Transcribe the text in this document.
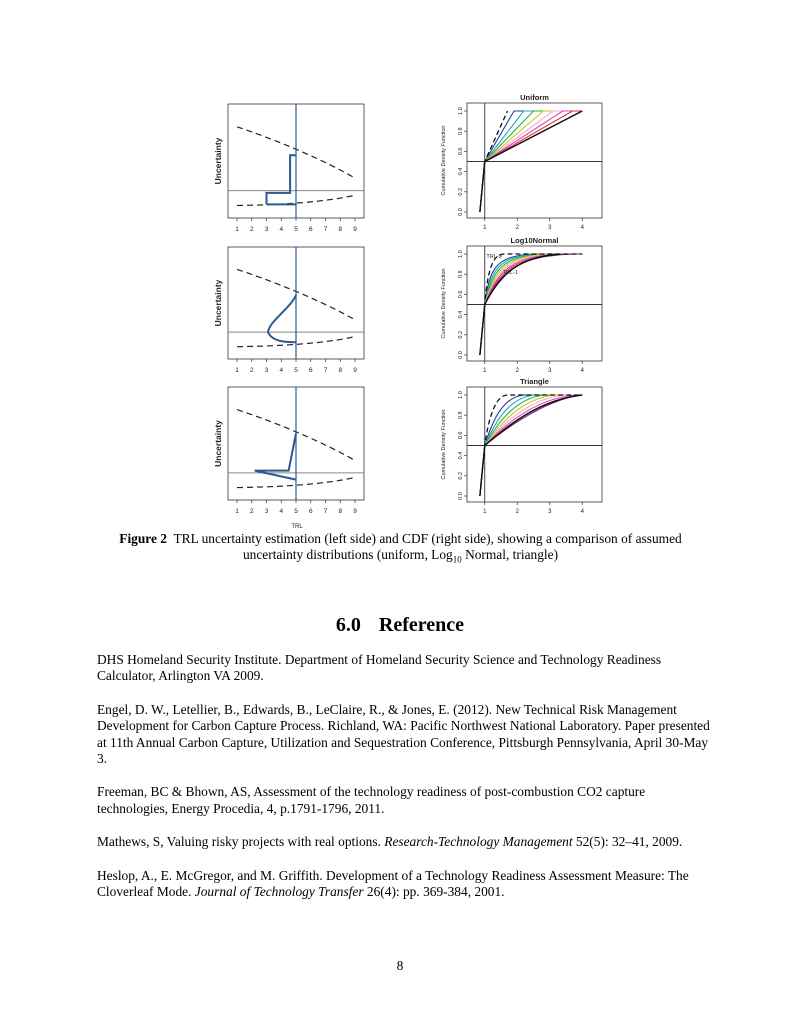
Uncertainty
1 2 3 4 5 6 7 8 9
Uncertainty
1 2 3 4 5 6 7 8 9
Uncertainty
1 2 3 4 5 6 7 8 9
TRL
Uniform
0.0
0.2
0.4
0.6
0.8
1.0
Cumulative Density Function
1	2	3	4
Log10Normal
0.0
0.2
0.4
0.6
0.8
1.0
Cumulative Density Function
1	2	3	4
TRL-9
TRL-1
Triangle
0.0
0.2
0.4
0.6
0.8
1.0
Cumulative Density Function
1	2	3	4
Figure 2 TRL uncertainty estimation (left side) and CDF (right side), showing a comparison of assumed uncertainty distributions (uniform, Log$_{10}$ Normal, triangle)
6.0 Reference

DHS Homeland Security Institute. Department of Homeland Security Science and Technology Readiness Calculator, Arlington VA 2009.

Engel, D. W., Letellier, B., Edwards, B., LeClaire, R., & Jones, E. (2012). New Technical Risk Management Development for Carbon Capture Process. Richland, WA: Pacific Northwest National Laboratory. Paper presented at 11th Annual Carbon Capture, Utilization and Sequestration Conference, Pittsburgh Pennsylvania, April 30-May 3.

Freeman, BC & Bhown, AS, Assessment of the technology readiness of post-combustion CO2 capture technologies, Energy Procedia, 4, p.1791-1796, 2011.

Mathews, S, Valuing risky projects with real options. Research-Technology Management 52(5): 32–41, 2009.

Heslop, A., E. McGregor, and M. Griffith. Development of a Technology Readiness Assessment Measure: The Cloverleaf Mode. Journal of Technology Transfer 26(4): pp. 369-384, 2001.

8
